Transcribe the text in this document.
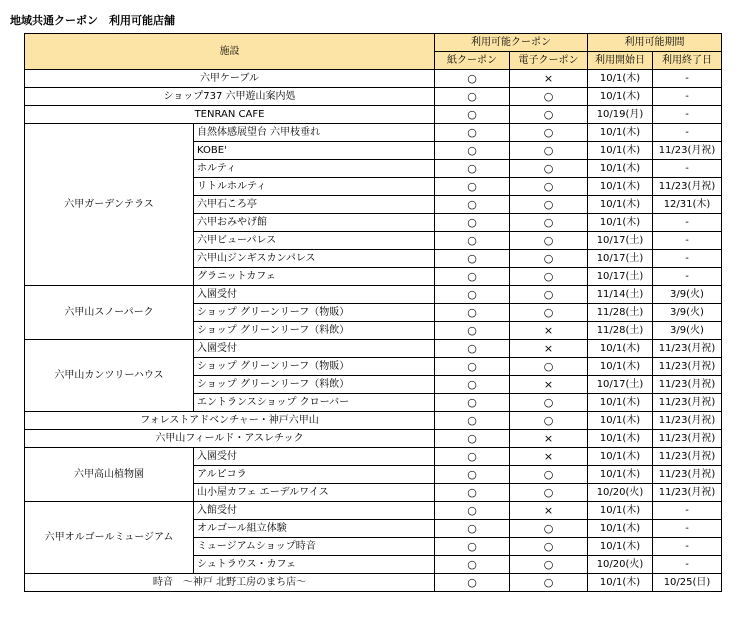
地域共通クーポン　利用可能店舗
施設		利用可能クーポン		利用可能期間	
		紙クーポン	電子クーポン	利用開始日	利用終了日
六甲ケーブル		○	×	10/1(木)	-
ショップ737 六甲遊山案内処		○	○	10/1(木)	-
TENRAN CAFE		○	○	10/19(月)	-
六甲ガーデンテラス	自然体感展望台 六甲枝垂れ	○	○	10/1(木)	-
	KOBE'	○	○	10/1(木)	11/23(月祝)
	ホルティ	○	○	10/1(木)	-
	リトルホルティ	○	○	10/1(木)	11/23(月祝)
	六甲石ころ亭	○	○	10/1(木)	12/31(木)
	六甲おみやげ館	○	○	10/1(木)	-
	六甲ビューパレス	○	○	10/17(土)	-
	六甲山ジンギスカンパレス	○	○	10/17(土)	-
	グラニットカフェ	○	○	10/17(土)	-
六甲山スノーパーク	入園受付	○	○	11/14(土)	3/9(火)
	ショップ グリーンリーフ（物販）	○	○	11/28(土)	3/9(火)
	ショップ グリーンリーフ（料飲）	○	×	11/28(土)	3/9(火)
六甲山カンツリーハウス	入園受付	○	×	10/1(木)	11/23(月祝)
	ショップ グリーンリーフ（物販）	○	○	10/1(木)	11/23(月祝)
	ショップ グリーンリーフ（料飲）	○	×	10/17(土)	11/23(月祝)
	エントランスショップ クローバー	○	○	10/1(木)	11/23(月祝)
フォレストアドベンチャー・神戸六甲山		○	○	10/1(木)	11/23(月祝)
六甲山フィールド・アスレチック		○	×	10/1(木)	11/23(月祝)
六甲高山植物園	入園受付	○	×	10/1(木)	11/23(月祝)
	アルピコラ	○	○	10/1(木)	11/23(月祝)
	山小屋カフェ エーデルワイス	○	○	10/20(火)	11/23(月祝)
六甲オルゴールミュージアム	入館受付	○	×	10/1(木)	-
	オルゴール組立体験	○	○	10/1(木)	-
	ミュージアムショップ時音	○	○	10/1(木)	-
	シュトラウス・カフェ	○	○	10/20(火)	-
時音　～神戸 北野工房のまち店～		○	○	10/1(木)	10/25(日)
